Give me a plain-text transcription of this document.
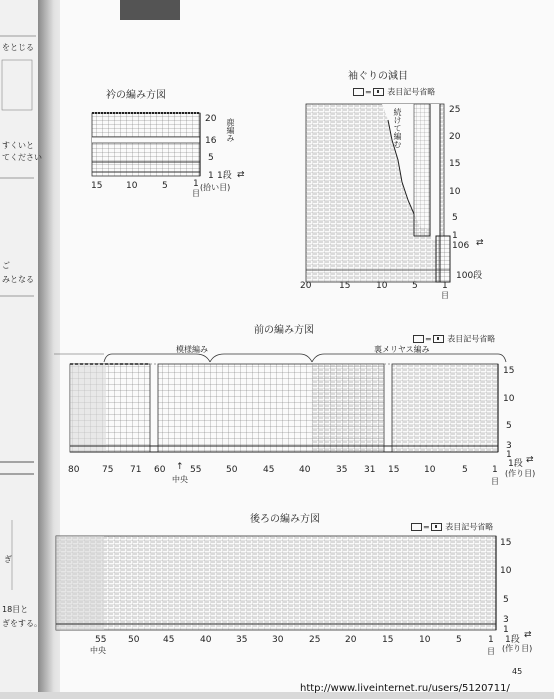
をとじる
すくいと
てください
ご
みとなる
18目と
ぎをする。
ぎ
衿の編み方図
20
16
5
1
鹿編み
1段 ⇄
(拾い目)
15	10	5	1
目
袖ぐりの減目
= 表目記号省略
続けて編む	25
20
15
10
5
1
106 ⇄
100段
20	15	10	5	1
目
前の編み方図
= 表目記号省略
模様編み	裏メリヤス編み
15
10
5
3
1
1段 ⇄
(作り目)
80	75 71 60 ↑ 55	50	45	40	35 31 15	10	5	1
中央	目
後ろの編み方図
= 表目記号省略
15
10
5
3
1
1段 ⇄
(作り目)
55 50	45	40	35	30	25	20	15	10	5	1
中央	目
45
http://www.liveinternet.ru/users/5120711/
